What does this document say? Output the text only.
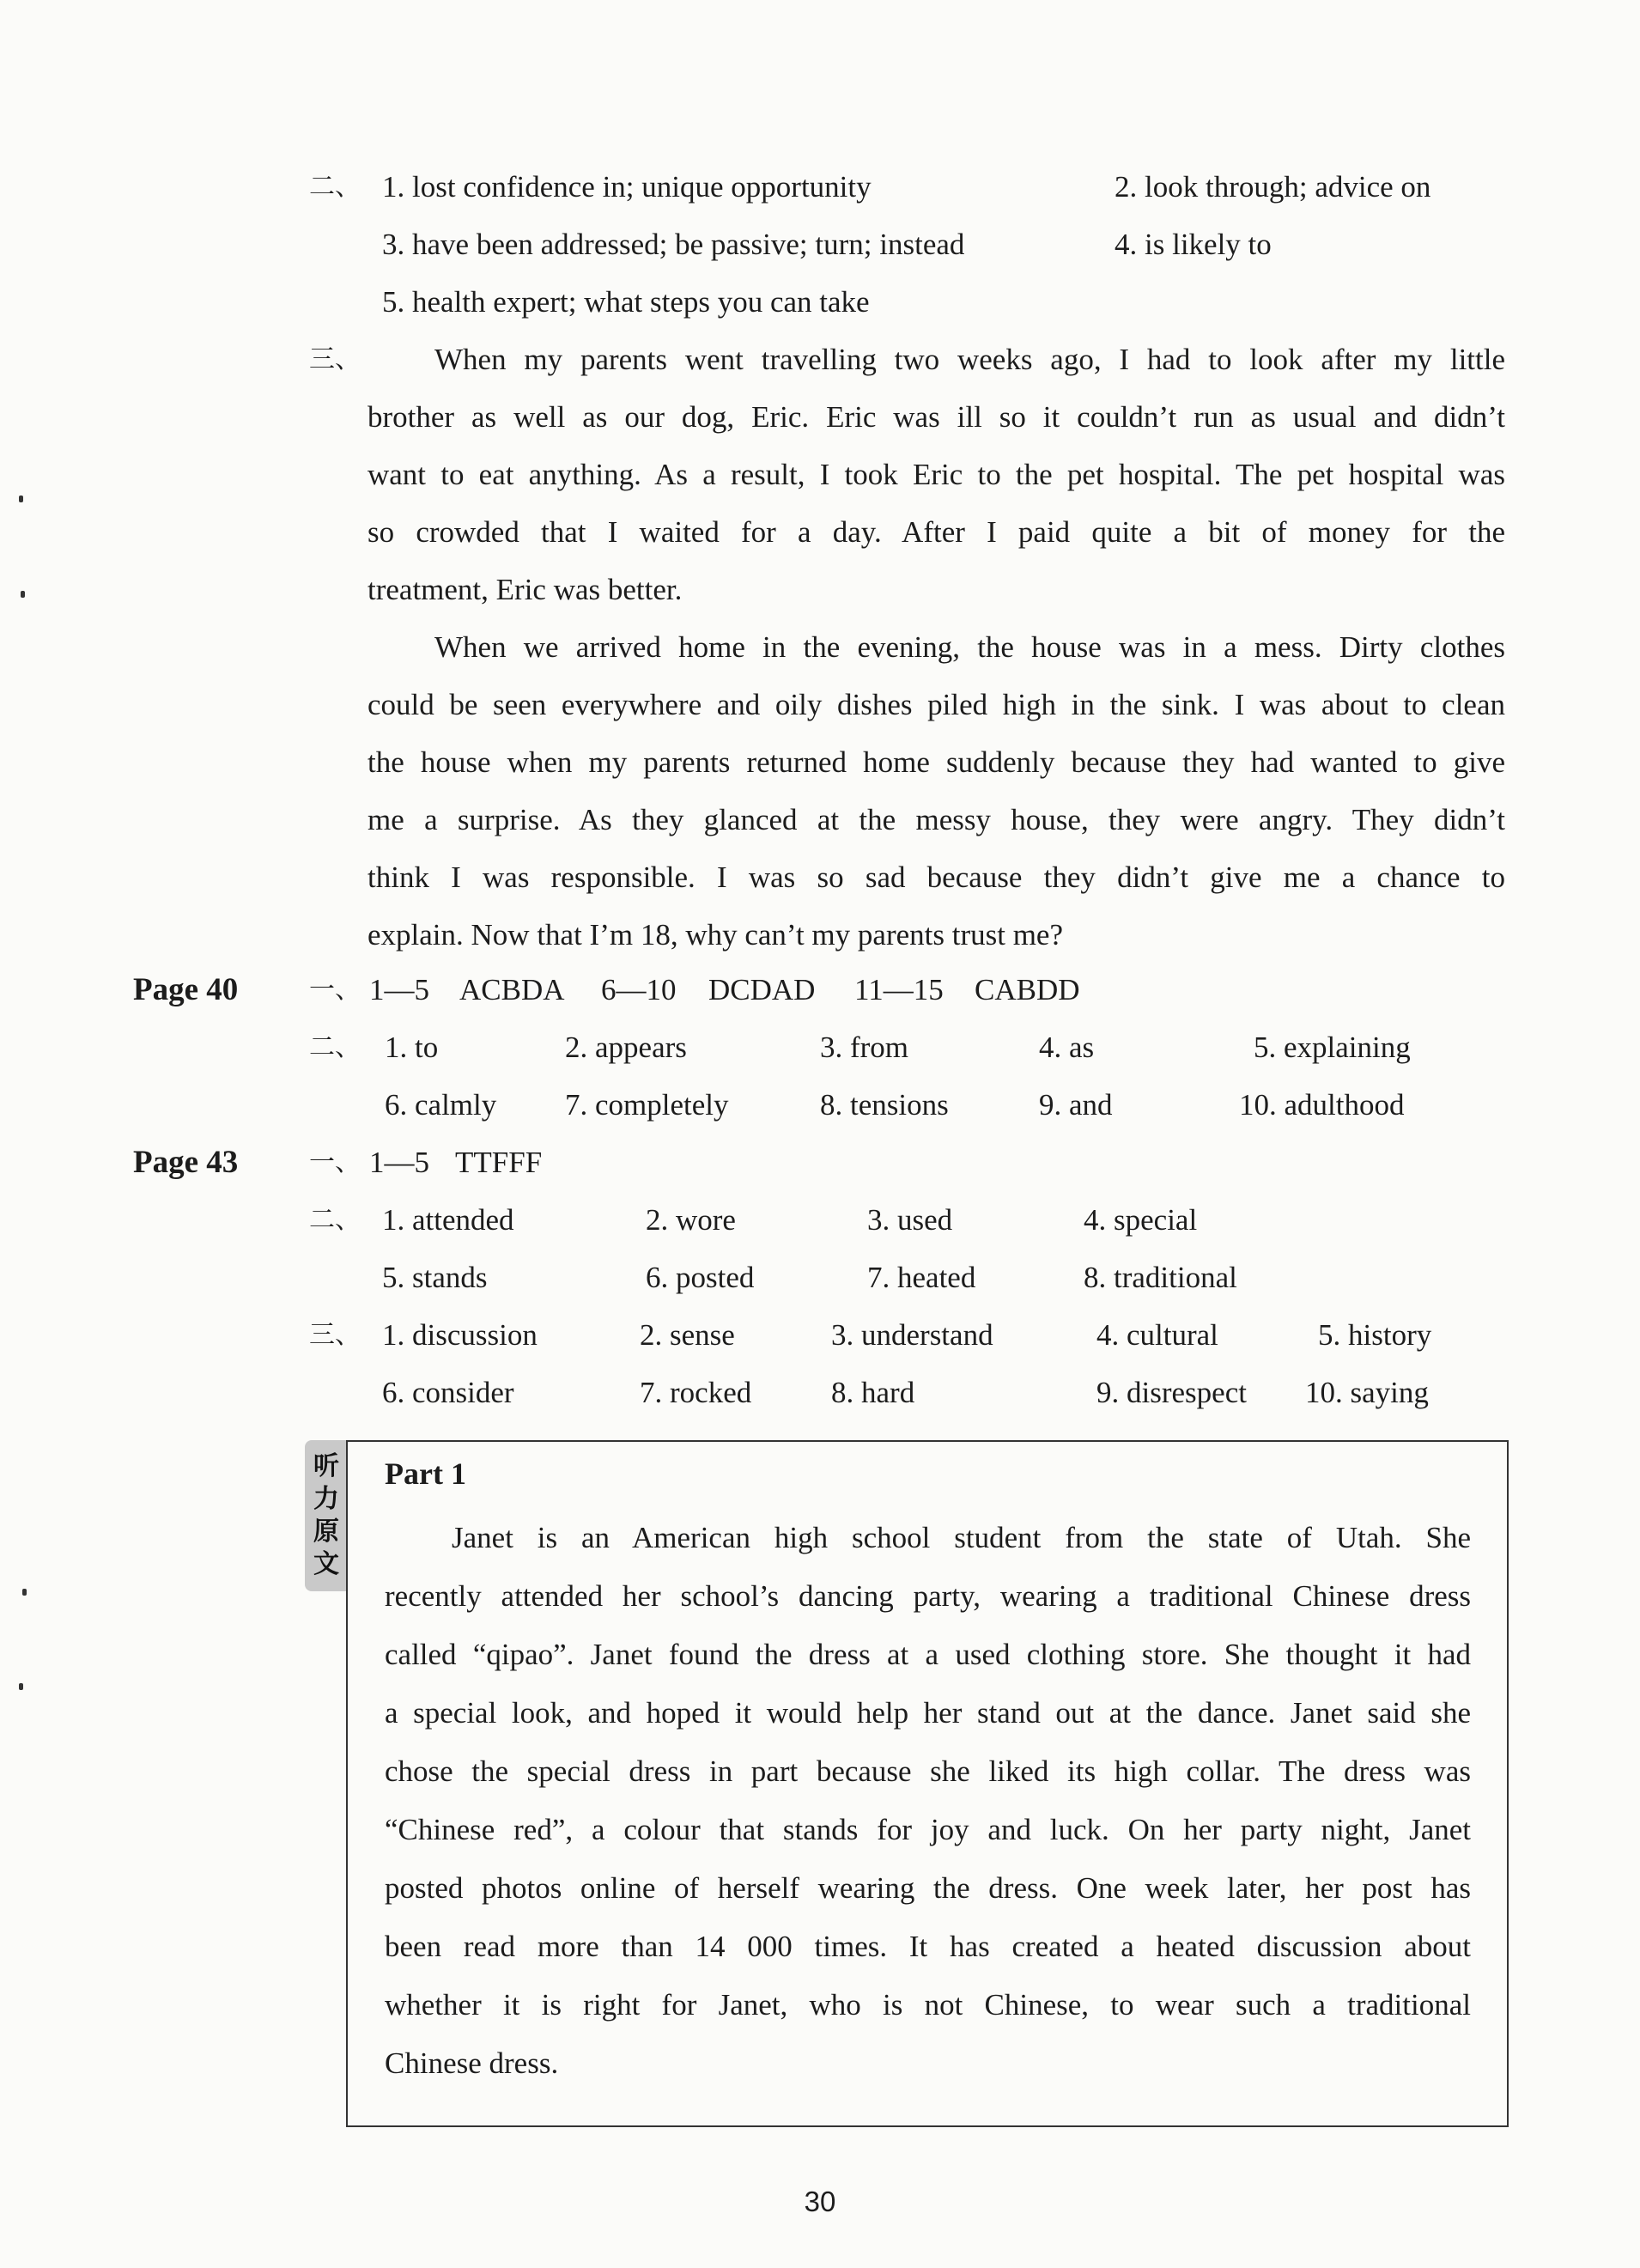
二、 1. lost confidence in; unique opportunity	2. look through; advice on
3. have been addressed; be passive; turn; instead	4. is likely to
5. health expert; what steps you can take
三、	When my parents went travelling two weeks ago, I had to look after my little
brother as well as our dog, Eric. Eric was ill so it couldn’t run as usual and didn’t
want to eat anything. As a result, I took Eric to the pet hospital. The pet hospital was
so crowded that I waited for a day. After I paid quite a bit of money for the
treatment, Eric was better.
When we arrived home in the evening, the house was in a mess. Dirty clothes
could be seen everywhere and oily dishes piled high in the sink. I was about to clean
the house when my parents returned home suddenly because they had wanted to give
me a surprise. As they glanced at the messy house, they were angry. They didn’t
think I was responsible. I was so sad because they didn’t give me a chance to
explain. Now that I’m 18, why can’t my parents trust me?
Page 40	一、 1—5 ACBDA 6—10 DCDAD 11—15 CABDD
二、 1. to	2. appears	3. from	4. as	5. explaining
6. calmly 7. completely	8. tensions	9. and	10. adulthood
Page 43	一、 1—5 TTFFF
二、 1. attended	2. wore	3. used	4. special
5. stands	6. posted	7. heated	8. traditional
三、 1. discussion	2. sense	3. understand	4. cultural	5. history
6. consider	7. rocked	8. hard	9. disrespect 10. saying
听
力
原
文
Part 1
Janet is an American high school student from the state of Utah. She
recently attended her school’s dancing party, wearing a traditional Chinese dress
called “qipao”. Janet found the dress at a used clothing store. She thought it had
a special look, and hoped it would help her stand out at the dance. Janet said she
chose the special dress in part because she liked its high collar. The dress was
“Chinese red”, a colour that stands for joy and luck. On her party night, Janet
posted photos online of herself wearing the dress. One week later, her post has
been read more than 14 000 times. It has created a heated discussion about
whether it is right for Janet, who is not Chinese, to wear such a traditional
Chinese dress.
30
